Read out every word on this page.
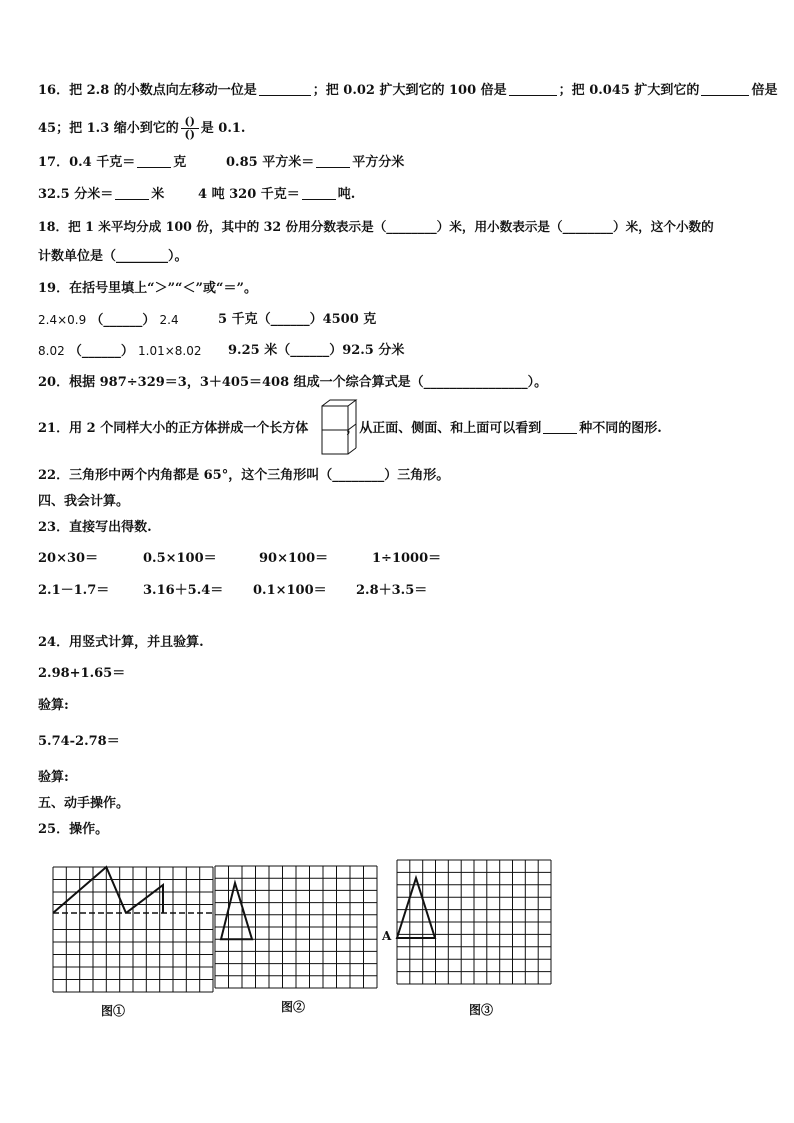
16．把 2.8 的小数点向左移动一位是	；把 0.02 扩大到它的 100 倍是	；把 0.045 扩大到它的	倍是
45；把 1.3 缩小到它的 $\frac{()}{()}$ 是 0.1.
17．0.4 千克＝	克	0.85 平方米＝	平方分米
32.5 分米＝	米	4 吨 320 千克＝	吨.
18．把 1 米平均分成 100 份，其中的 32 份用分数表示是（________）米，用小数表示是（________）米，这个小数的
计数单位是（________）。
19．在括号里填上“＞”“＜”或“＝”。
2.4×0.9 （______） 2.4	5 千克（______）4500 克
8.02 （______） 1.01×8.02 9.25 米（______）92.5 分米
20．根据 987÷329＝3，3＋405＝408 组成一个综合算式是（________________）。
21．用 2 个同样大小的正方体拼成一个长方体	，从正面、侧面、和上面可以看到	种不同的图形.
22．三角形中两个内角都是 65°，这个三角形叫（________）三角形。
四、我会计算。
23．直接写出得数.
20×30＝	0.5×100＝	90×100＝	1÷1000＝
2.1－1.7＝	3.16＋5.4＝ 0.1×100＝ 2.8＋3.5＝
24．用竖式计算，并且验算.
2.98+1.65＝
验算:
5.74-2.78＝
验算:
五、动手操作。
25．操作。
图①	图②
A
图③
